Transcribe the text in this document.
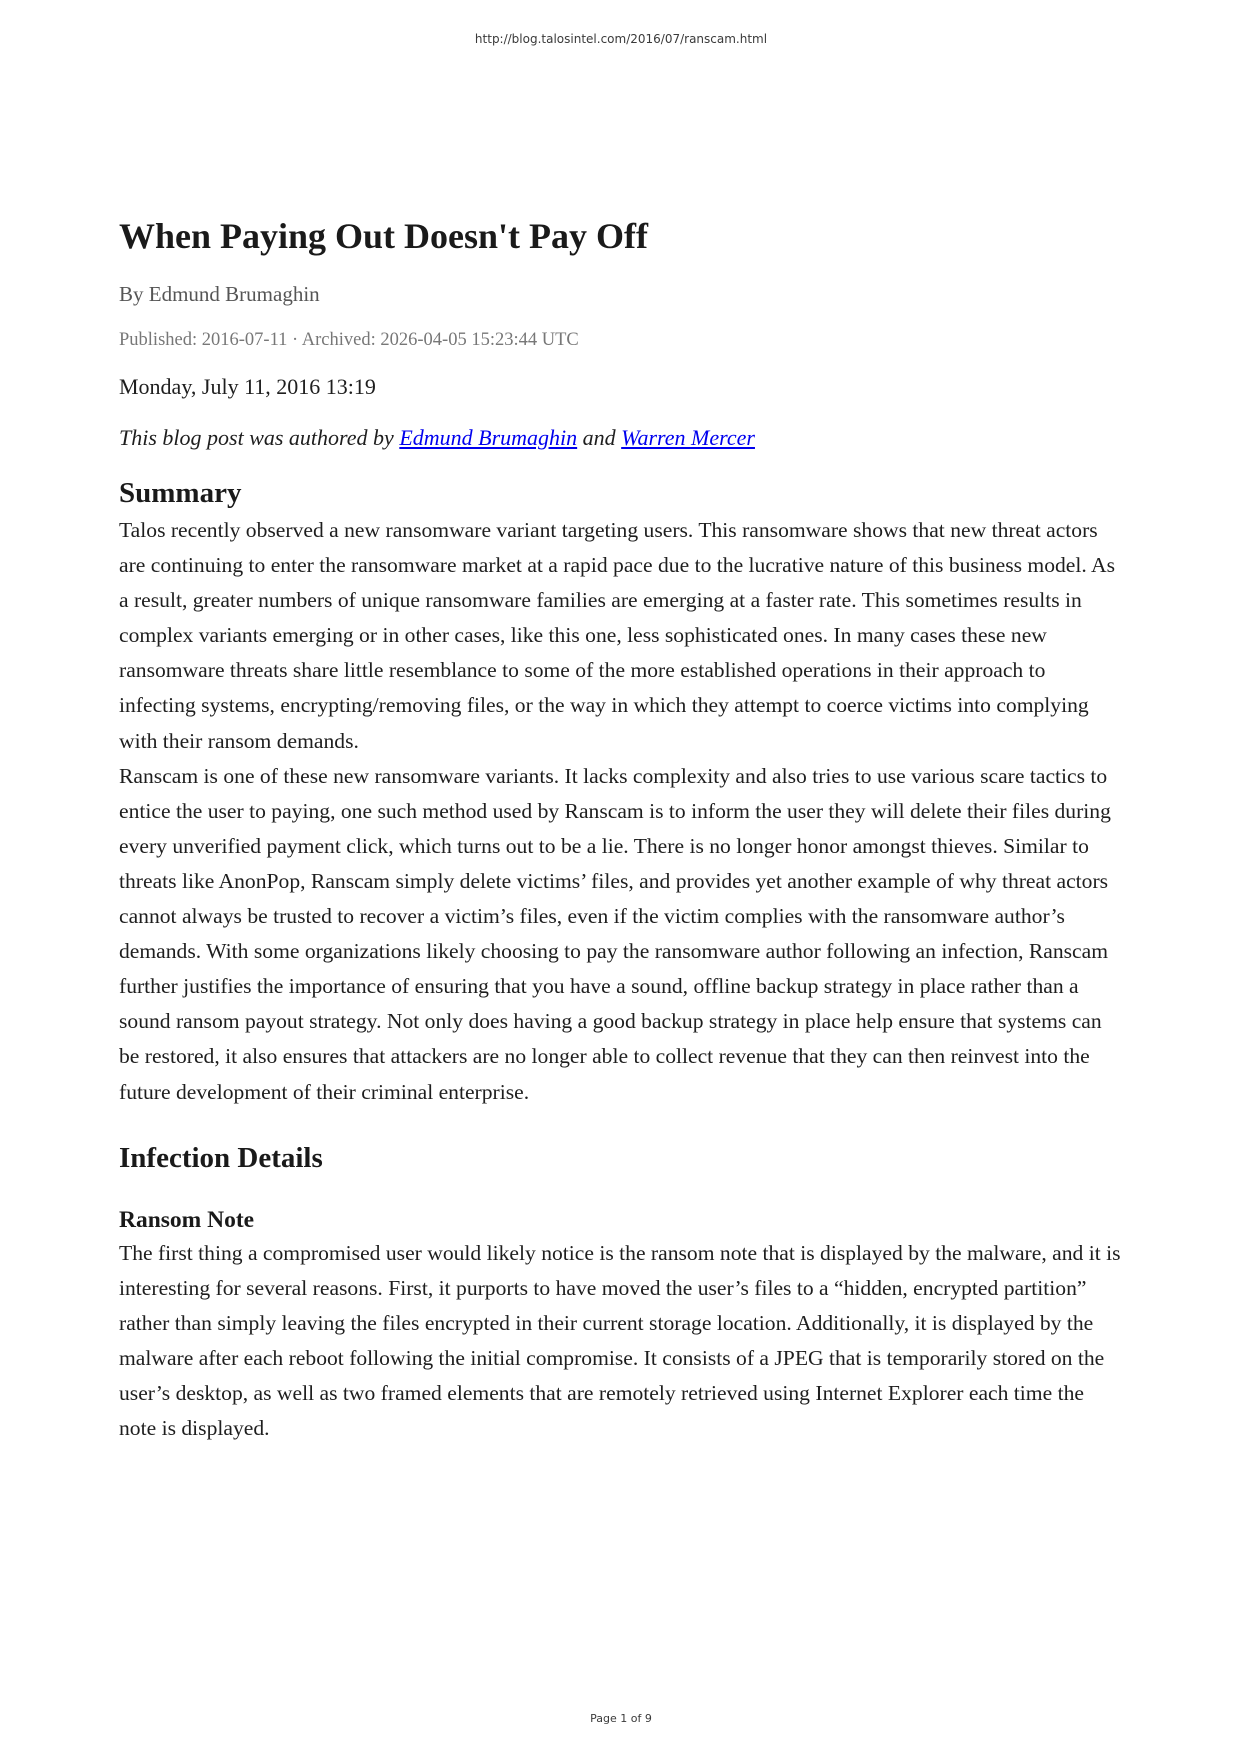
http://blog.talosintel.com/2016/07/ranscam.html
When Paying Out Doesn't Pay Off
By Edmund Brumaghin
Published: 2016-07-11 · Archived: 2026-04-05 15:23:44 UTC
Monday, July 11, 2016 13:19
This blog post was authored by Edmund Brumaghin and Warren Mercer
Summary

Talos recently observed a new ransomware variant targeting users. This ransomware shows that new threat actors are continuing to enter the ransomware market at a rapid pace due to the lucrative nature of this business model. As a result, greater numbers of unique ransomware families are emerging at a faster rate. This sometimes results in complex variants emerging or in other cases, like this one, less sophisticated ones. In many cases these new ransomware threats share little resemblance to some of the more established operations in their approach to infecting systems, encrypting/removing files, or the way in which they attempt to coerce victims into complying with their ransom demands.

Ranscam is one of these new ransomware variants. It lacks complexity and also tries to use various scare tactics to entice the user to paying, one such method used by Ranscam is to inform the user they will delete their files during every unverified payment click, which turns out to be a lie. There is no longer honor amongst thieves. Similar to threats like AnonPop, Ranscam simply delete victims’ files, and provides yet another example of why threat actors cannot always be trusted to recover a victim’s files, even if the victim complies with the ransomware author’s demands. With some organizations likely choosing to pay the ransomware author following an infection, Ranscam further justifies the importance of ensuring that you have a sound, offline backup strategy in place rather than a sound ransom payout strategy. Not only does having a good backup strategy in place help ensure that systems can be restored, it also ensures that attackers are no longer able to collect revenue that they can then reinvest into the future development of their criminal enterprise.

Infection Details
Ransom Note

The first thing a compromised user would likely notice is the ransom note that is displayed by the malware, and it is interesting for several reasons. First, it purports to have moved the user’s files to a “hidden, encrypted partition” rather than simply leaving the files encrypted in their current storage location. Additionally, it is displayed by the malware after each reboot following the initial compromise. It consists of a JPEG that is temporarily stored on the user’s desktop, as well as two framed elements that are remotely retrieved using Internet Explorer each time the note is displayed.

Page 1 of 9
